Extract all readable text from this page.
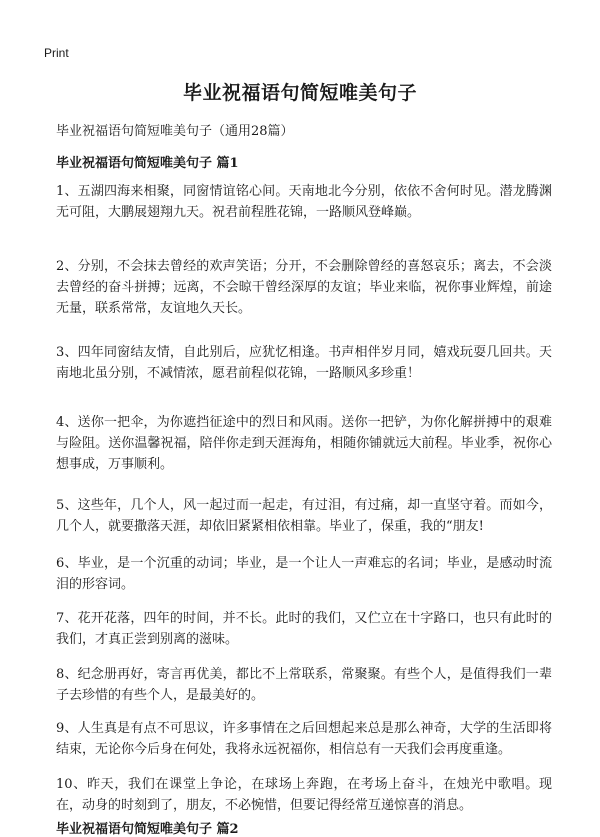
Print
毕业祝福语句简短唯美句子
毕业祝福语句简短唯美句子（通用28篇）
毕业祝福语句简短唯美句子 篇1

1、五湖四海来相聚，同窗情谊铭心间。天南地北今分别，依依不舍何时见。潜龙腾渊无可阻，大鹏展翅翔九天。祝君前程胜花锦，一路顺风登峰巅。

2、分别，不会抹去曾经的欢声笑语；分开，不会删除曾经的喜怒哀乐；离去，不会淡去曾经的奋斗拼搏；远离，不会晾干曾经深厚的友谊；毕业来临，祝你事业辉煌，前途无量，联系常常，友谊地久天长。

3、四年同窗结友情，自此别后，应犹忆相逢。书声相伴岁月同，嬉戏玩耍几回共。天南地北虽分别，不减情浓，愿君前程似花锦，一路顺风多珍重！

4、送你一把伞，为你遮挡征途中的烈日和风雨。送你一把铲，为你化解拼搏中的艰难与险阻。送你温馨祝福，陪伴你走到天涯海角，相随你铺就远大前程。毕业季，祝你心想事成，万事顺利。

5、这些年，几个人，风一起过而一起走，有过泪，有过痛，却一直坚守着。而如今，几个人，就要撒落天涯，却依旧紧紧相依相靠。毕业了，保重，我的“朋友!

6、毕业，是一个沉重的动词；毕业，是一个让人一声难忘的名词；毕业，是感动时流泪的形容词。

7、花开花落，四年的时间，并不长。此时的我们，又伫立在十字路口，也只有此时的我们，才真正尝到别离的滋味。

8、纪念册再好，寄言再优美，都比不上常联系，常聚聚。有些个人，是值得我们一辈子去珍惜的有些个人，是最美好的。

9、人生真是有点不可思议，许多事情在之后回想起来总是那么神奇，大学的生活即将结束，无论你今后身在何处，我将永远祝福你，相信总有一天我们会再度重逢。

10、昨天，我们在课堂上争论，在球场上奔跑，在考场上奋斗，在烛光中歌唱。现在，动身的时刻到了，朋友，不必惋惜，但要记得经常互递惊喜的消息。

毕业祝福语句简短唯美句子 篇2
